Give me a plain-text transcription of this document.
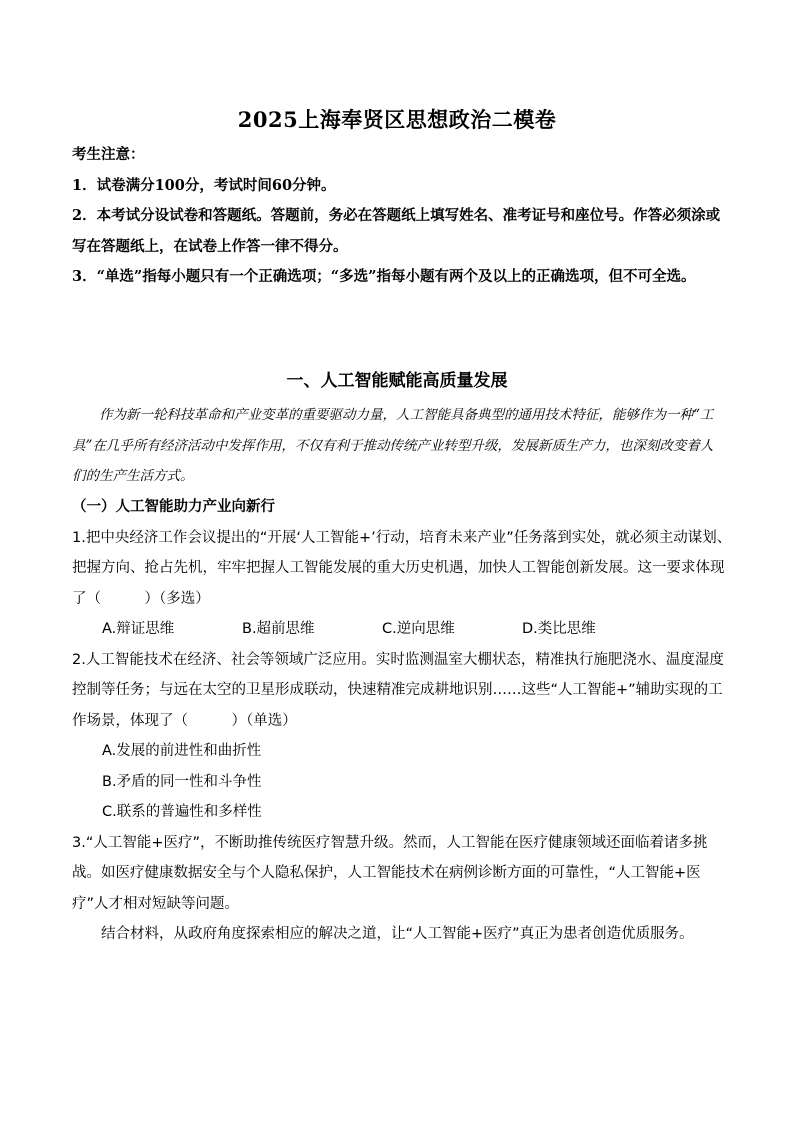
2025上海奉贤区思想政治二模卷

考生注意：

1．试卷满分100分，考试时间60分钟。

2．本考试分设试卷和答题纸。答题前，务必在答题纸上填写姓名、准考证号和座位号。作答必须涂或写在答题纸上，在试卷上作答一律不得分。

3．“单选”指每小题只有一个正确选项；“多选”指每小题有两个及以上的正确选项，但不可全选。

一、人工智能赋能高质量发展

作为新一轮科技革命和产业变革的重要驱动力量，人工智能具备典型的通用技术特征，能够作为一种“工具”在几乎所有经济活动中发挥作用，不仅有利于推动传统产业转型升级，发展新质生产力，也深刻改变着人们的生产生活方式。

（一）人工智能助力产业向新行

1.把中央经济工作会议提出的“开展‘人工智能+’行动，培育未来产业”任务落到实处，就必须主动谋划、把握方向、抢占先机，牢牢把握人工智能发展的重大历史机遇，加快人工智能创新发展。这一要求体现了（　　　）（多选）

A.辩证思维	B.超前思维	C.逆向思维	D.类比思维

2.人工智能技术在经济、社会等领域广泛应用。实时监测温室大棚状态，精准执行施肥浇水、温度湿度控制等任务；与远在太空的卫星形成联动，快速精准完成耕地识别……这些“人工智能+”辅助实现的工作场景，体现了（　　　）（单选）

A.发展的前进性和曲折性

B.矛盾的同一性和斗争性

C.联系的普遍性和多样性

3.“人工智能+医疗”，不断助推传统医疗智慧升级。然而，人工智能在医疗健康领域还面临着诸多挑战。如医疗健康数据安全与个人隐私保护，人工智能技术在病例诊断方面的可靠性，“人工智能+医疗”人才相对短缺等问题。

结合材料，从政府角度探索相应的解决之道，让“人工智能+医疗”真正为患者创造优质服务。
